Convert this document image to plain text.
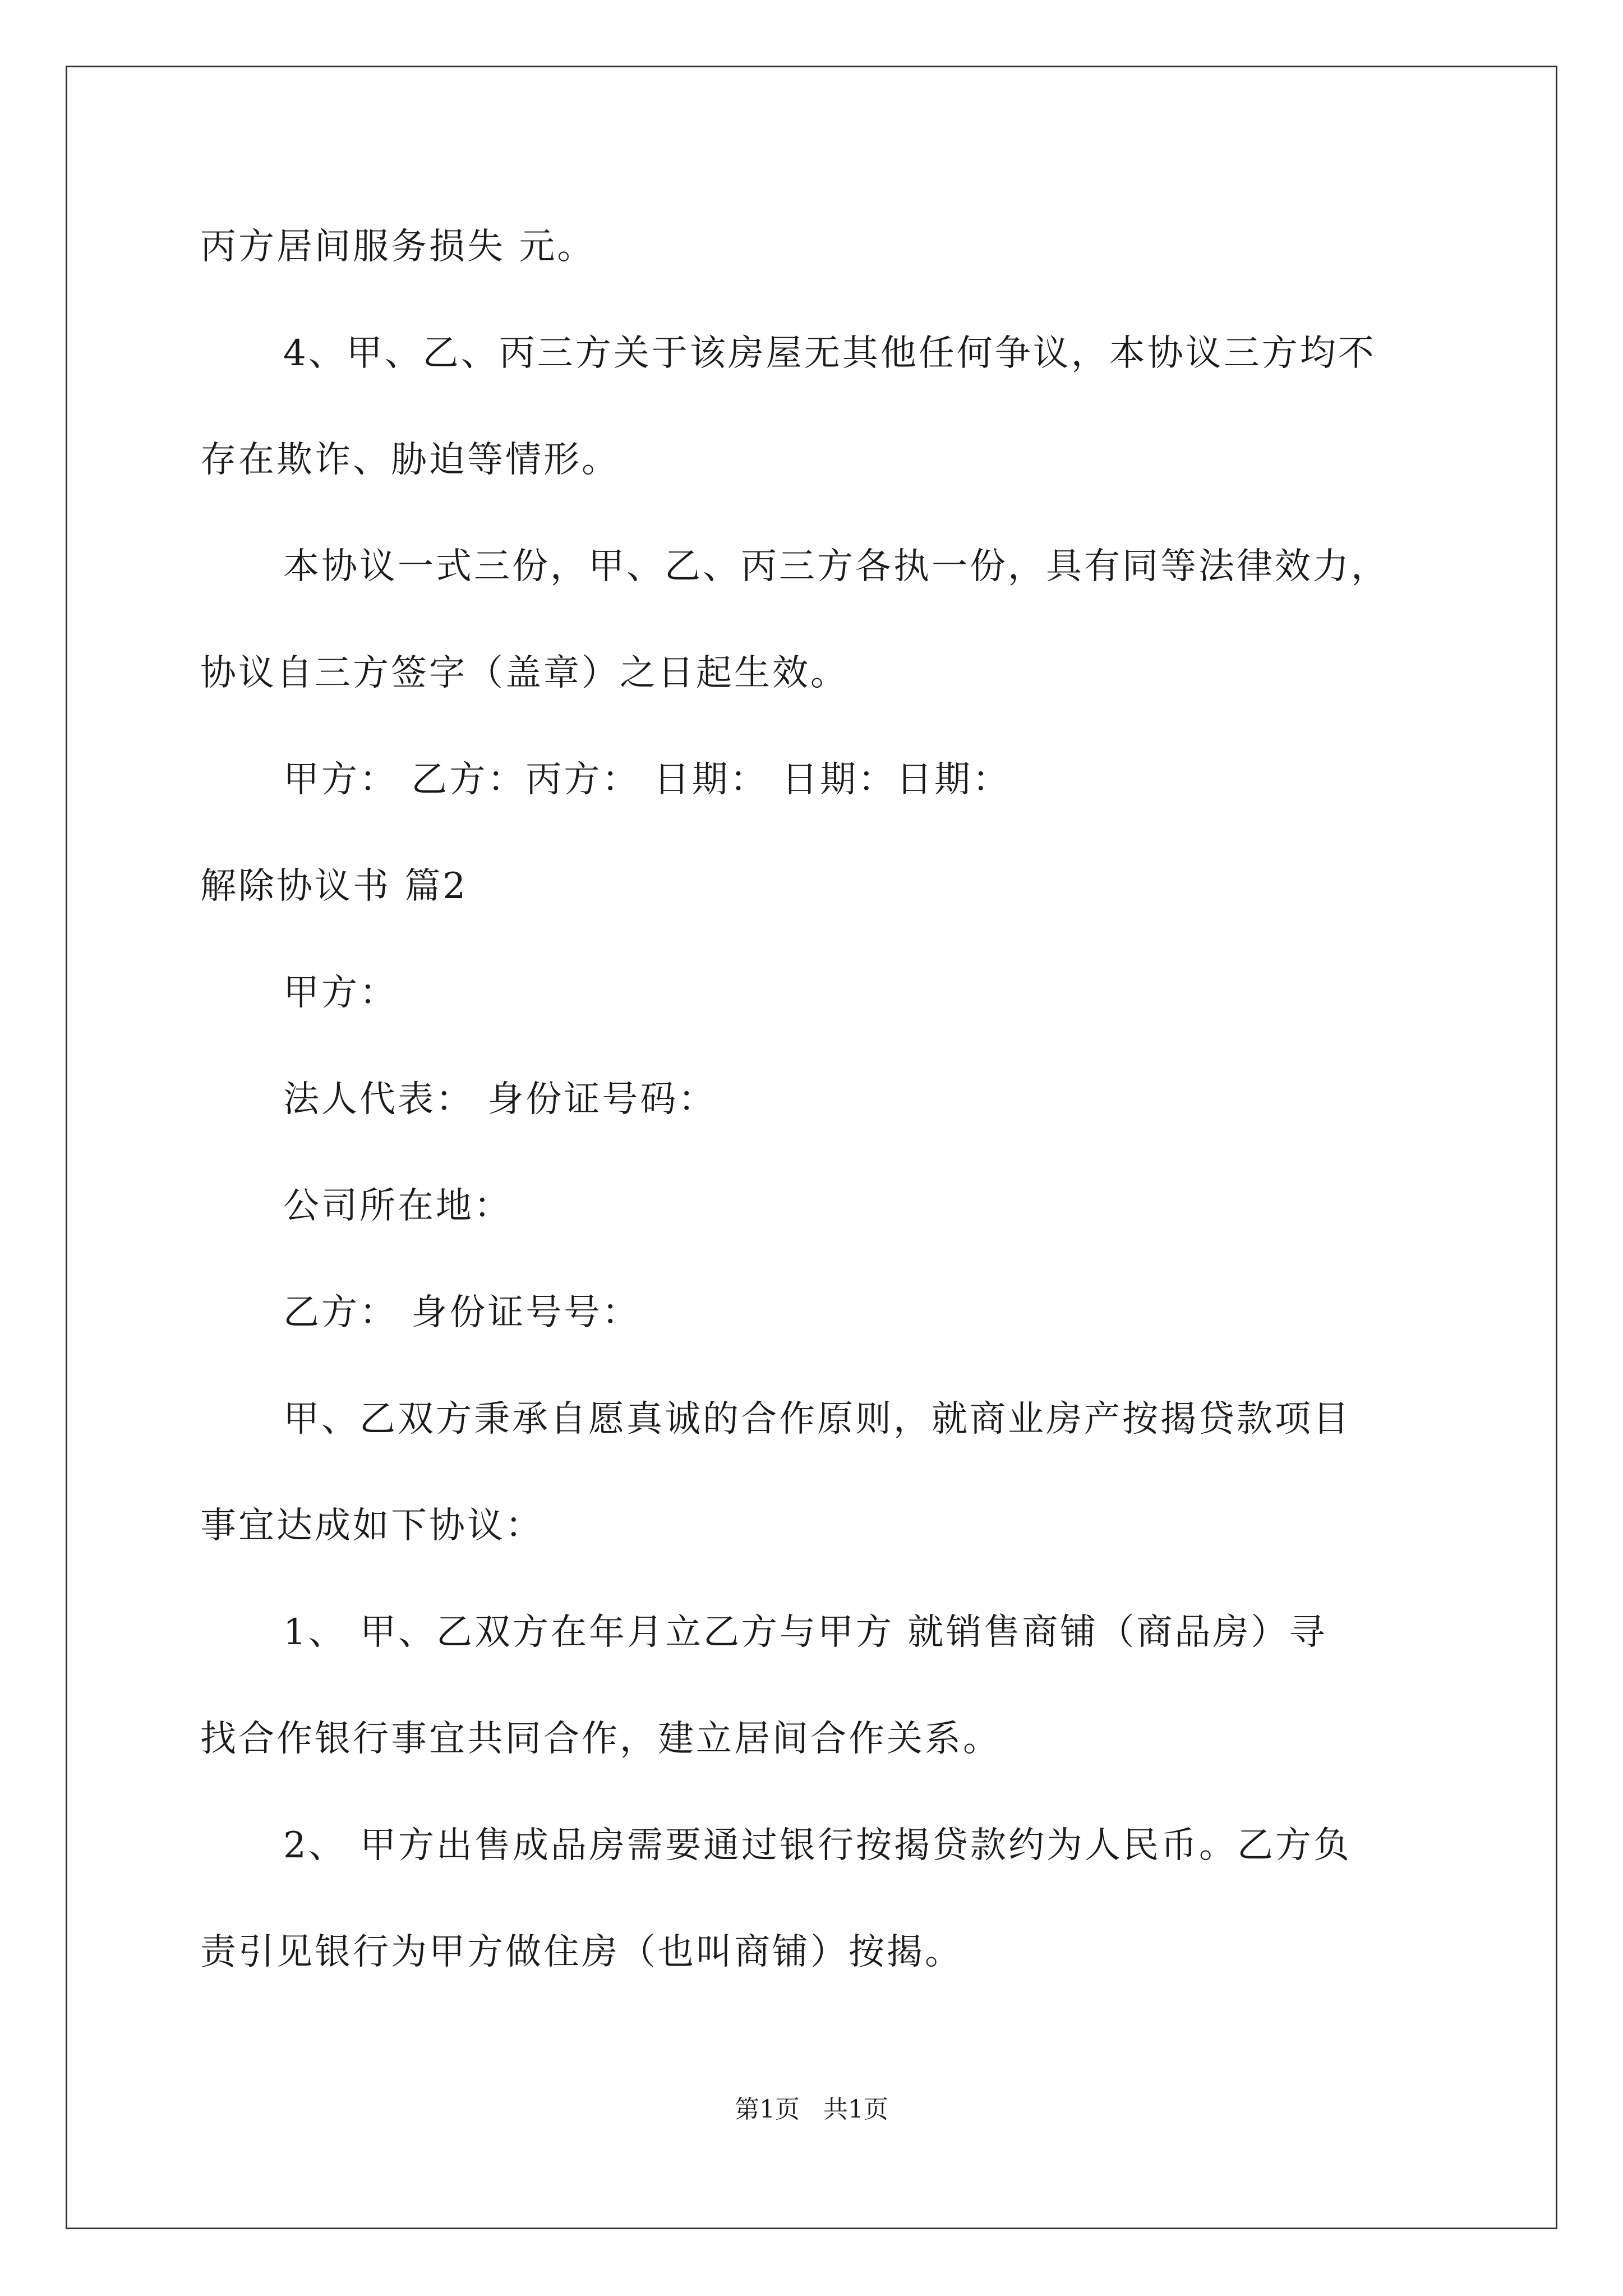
丙方居间服务损失 元。
4、甲、乙、丙三方关于该房屋无其他任何争议，本协议三方均不
存在欺诈、胁迫等情形。
本协议一式三份，甲、乙、丙三方各执一份，具有同等法律效力，
协议自三方签字（盖章）之日起生效。
甲方： 乙方：丙方： 日期： 日期：日期：
解除协议书 篇2
甲方：
法人代表： 身份证号码：
公司所在地：
乙方： 身份证号号：
甲、乙双方秉承自愿真诚的合作原则，就商业房产按揭贷款项目
事宜达成如下协议：
1、 甲、乙双方在年月立乙方与甲方 就销售商铺（商品房）寻
找合作银行事宜共同合作，建立居间合作关系。
2、 甲方出售成品房需要通过银行按揭贷款约为人民币。乙方负
责引见银行为甲方做住房（也叫商铺）按揭。
第1页   共1页
